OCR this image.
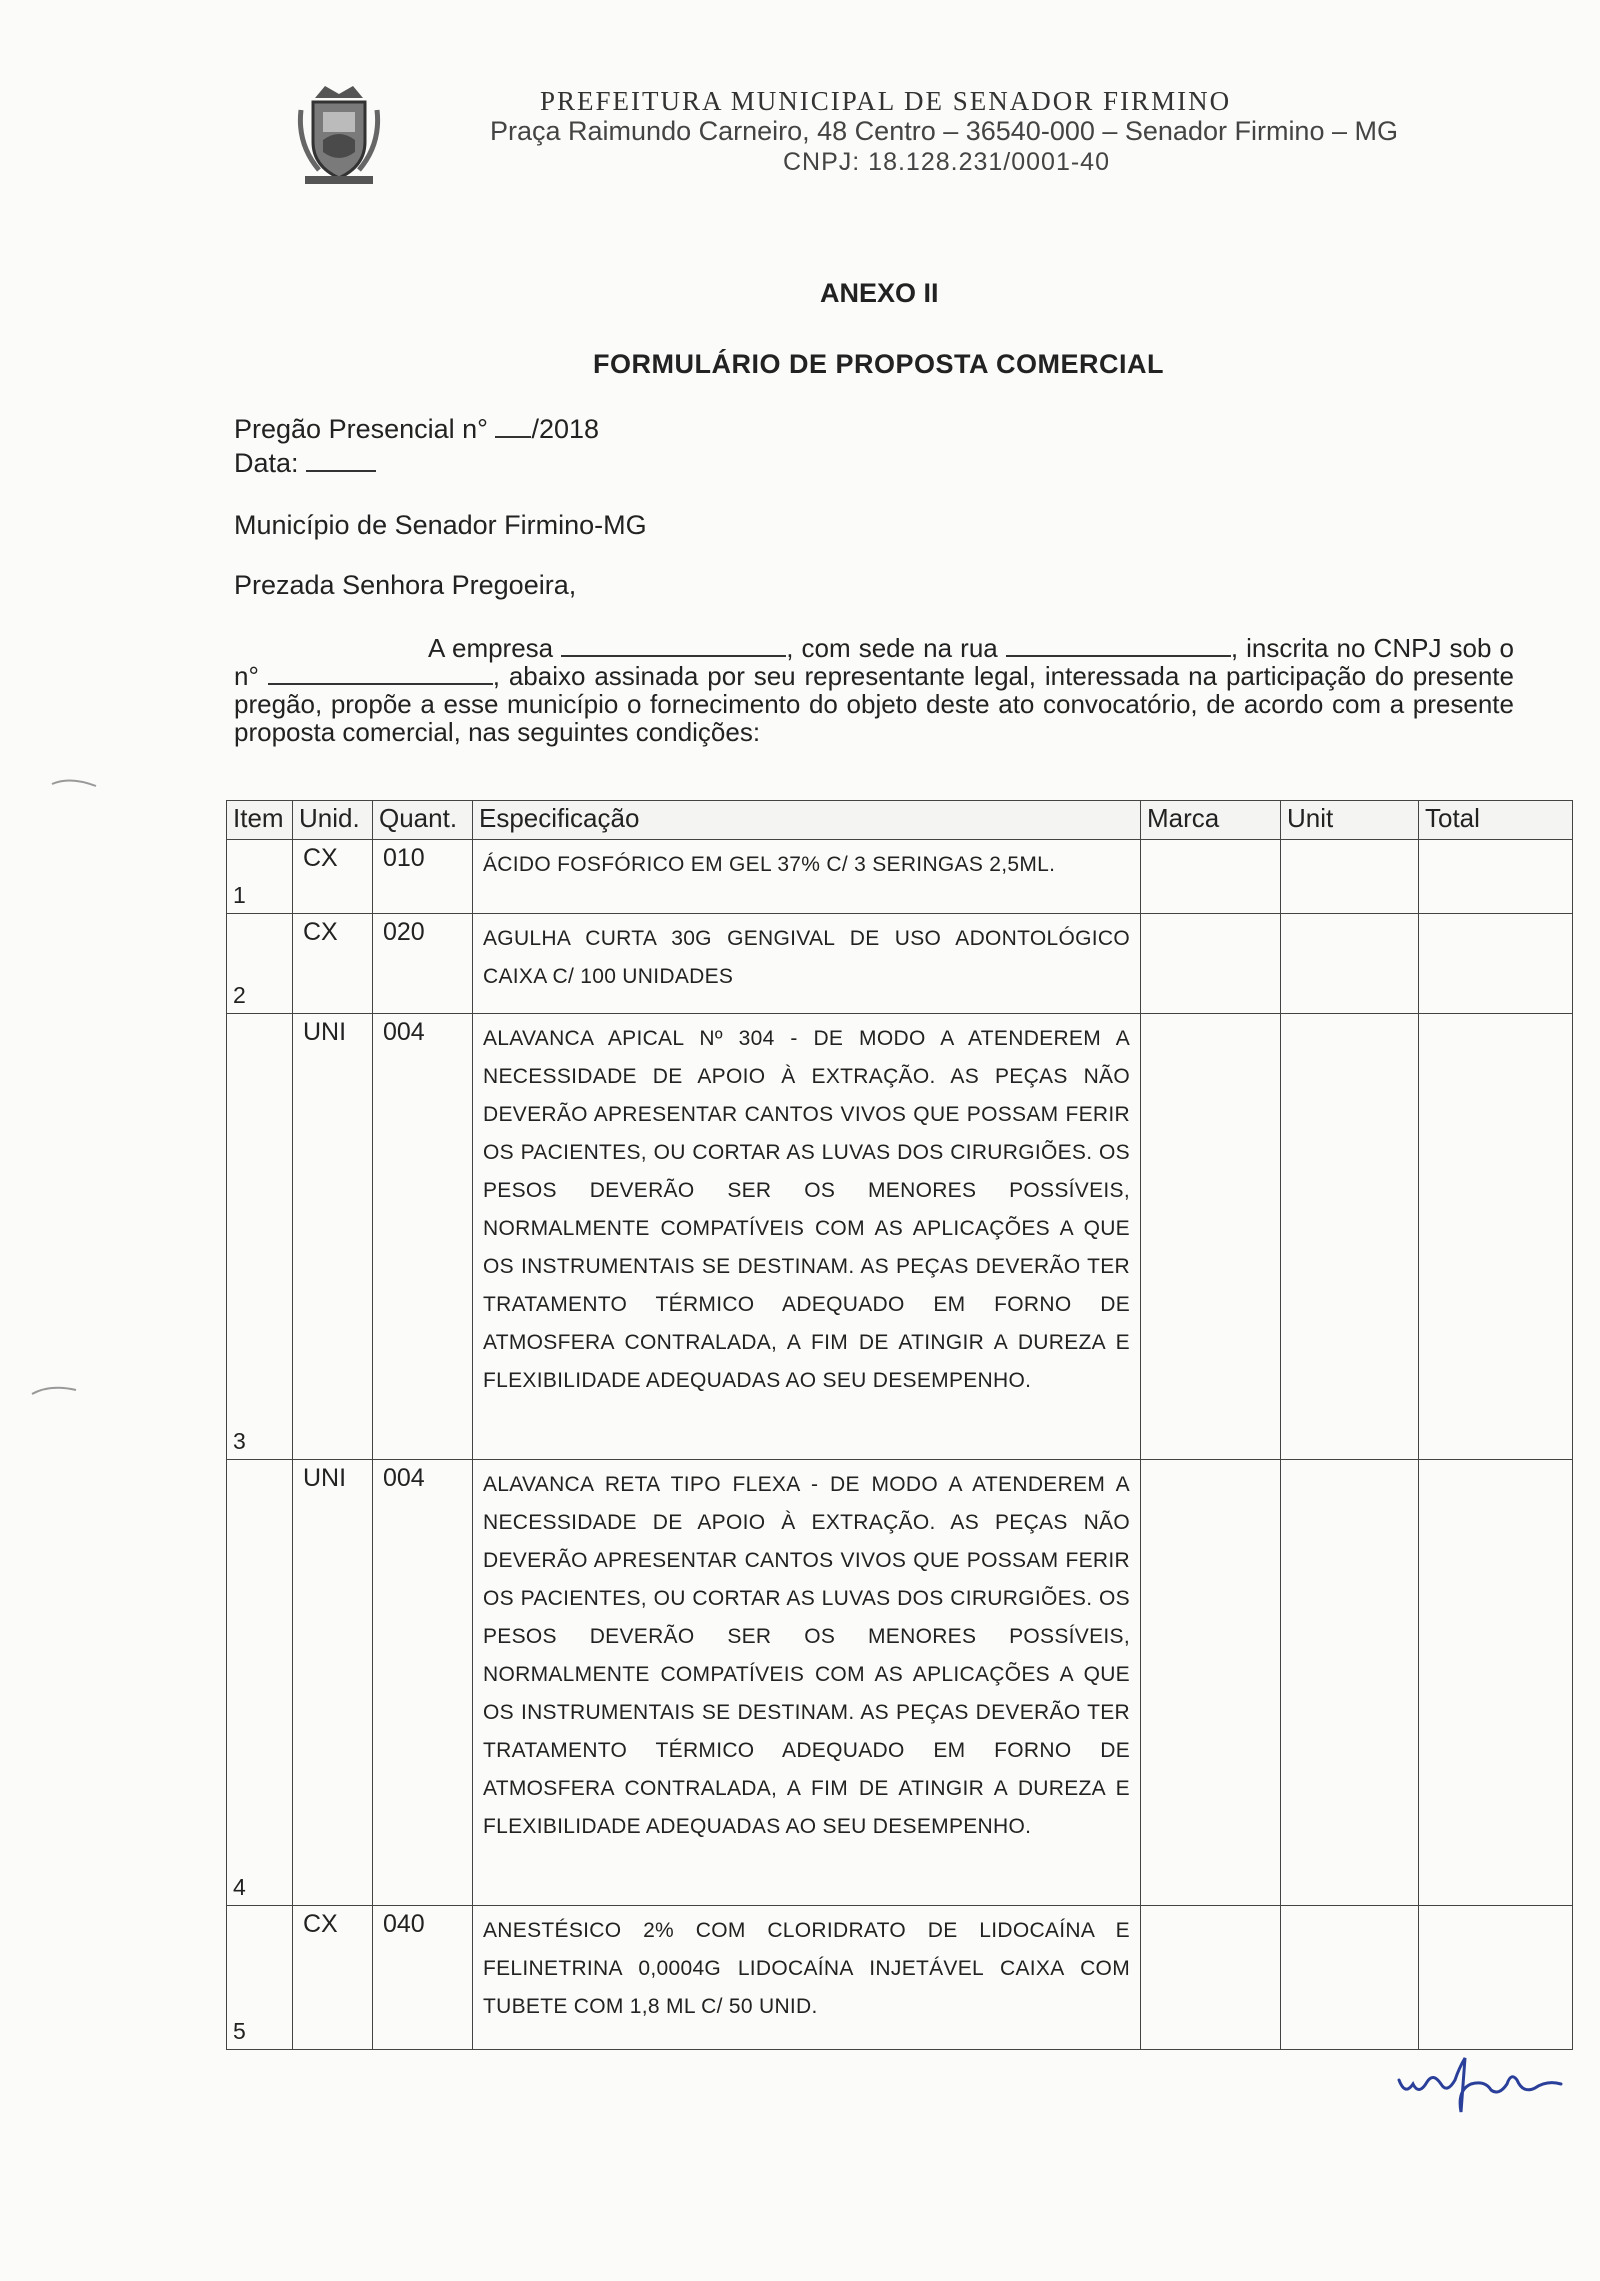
PREFEITURA MUNICIPAL DE SENADOR FIRMINO
Praça Raimundo Carneiro, 48 Centro – 36540-000 – Senador Firmino – MG
CNPJ: 18.128.231/0001-40
ANEXO II
FORMULÁRIO DE PROPOSTA COMERCIAL
Pregão Presencial n° /2018
Data:
Município de Senador Firmino-MG
Prezada Senhora Pregoeira,
A empresa	, com sede na rua	, inscrita no CNPJ sob o n°	, abaixo assinada por seu representante legal, interessada na participação do presente pregão, propõe a esse município o fornecimento do objeto deste ato convocatório, de acordo com a presente proposta comercial, nas seguintes condições:
Item	Unid.	Quant.	Especificação	Marca	Unit	Total
1	CX	010	ÁCIDO FOSFÓRICO EM GEL 37% C/ 3 SERINGAS 2,5ML.			
2	CX	020	AGULHA CURTA 30G GENGIVAL DE USO ADONTOLÓGICO CAIXA C/ 100 UNIDADES			
3	UNI	004	ALAVANCA APICAL Nº 304 - DE MODO A ATENDEREM A NECESSIDADE DE APOIO À EXTRAÇÃO. AS PEÇAS NÃO DEVERÃO APRESENTAR CANTOS VIVOS QUE POSSAM FERIR OS PACIENTES, OU CORTAR AS LUVAS DOS CIRURGIÕES. OS PESOS DEVERÃO SER OS MENORES POSSÍVEIS, NORMALMENTE COMPATÍVEIS COM AS APLICAÇÕES A QUE OS INSTRUMENTAIS SE DESTINAM. AS PEÇAS DEVERÃO TER TRATAMENTO TÉRMICO ADEQUADO EM FORNO DE ATMOSFERA CONTRALADA, A FIM DE ATINGIR A DUREZA E FLEXIBILIDADE ADEQUADAS AO SEU DESEMPENHO.			
4	UNI	004	ALAVANCA RETA TIPO FLEXA - DE MODO A ATENDEREM A NECESSIDADE DE APOIO À EXTRAÇÃO. AS PEÇAS NÃO DEVERÃO APRESENTAR CANTOS VIVOS QUE POSSAM FERIR OS PACIENTES, OU CORTAR AS LUVAS DOS CIRURGIÕES. OS PESOS DEVERÃO SER OS MENORES POSSÍVEIS, NORMALMENTE COMPATÍVEIS COM AS APLICAÇÕES A QUE OS INSTRUMENTAIS SE DESTINAM. AS PEÇAS DEVERÃO TER TRATAMENTO TÉRMICO ADEQUADO EM FORNO DE ATMOSFERA CONTRALADA, A FIM DE ATINGIR A DUREZA E FLEXIBILIDADE ADEQUADAS AO SEU DESEMPENHO.			
5	CX	040	ANESTÉSICO 2% COM CLORIDRATO DE LIDOCAÍNA E FELINETRINA 0,0004G LIDOCAÍNA INJETÁVEL CAIXA COM TUBETE COM 1,8 ML C/ 50 UNID.			
